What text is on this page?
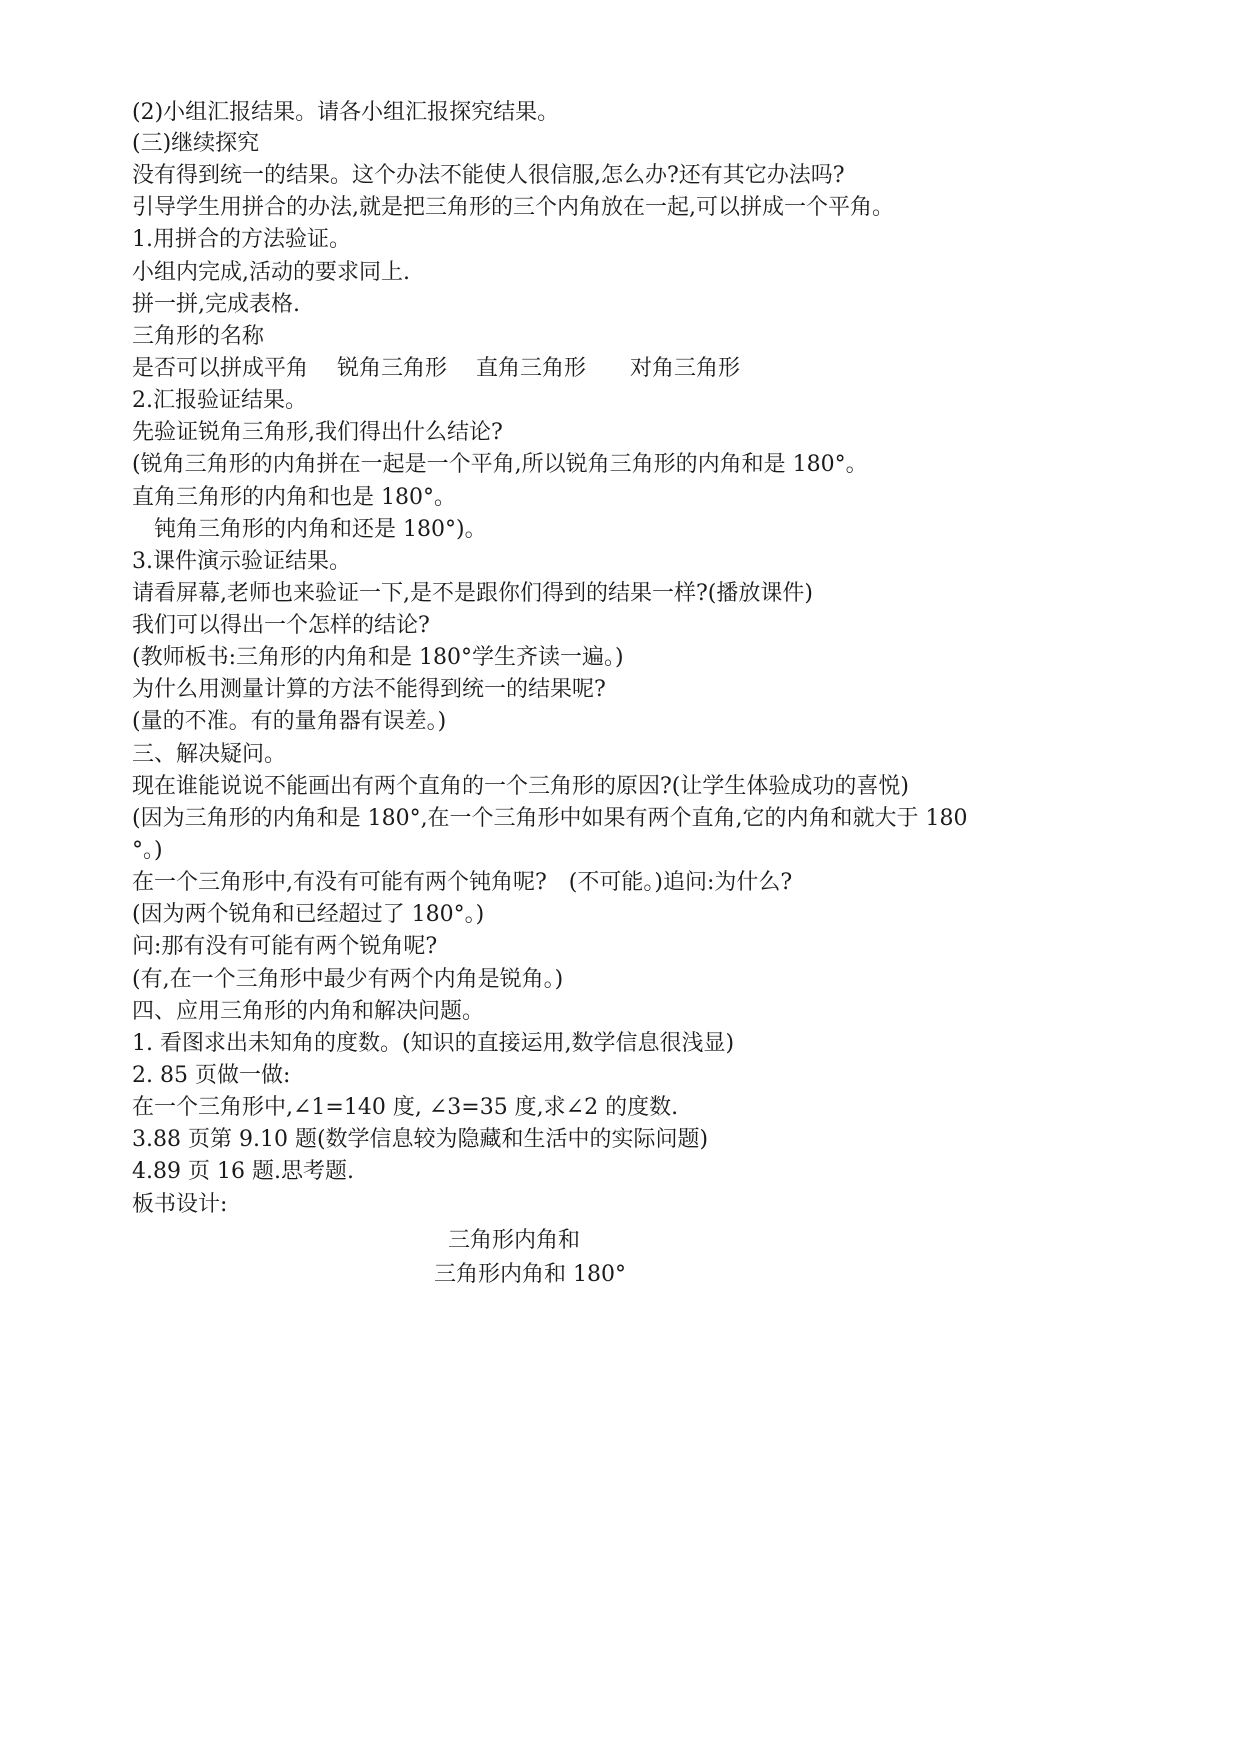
(2)小组汇报结果。请各小组汇报探究结果。
(三)继续探究
没有得到统一的结果。这个办法不能使人很信服,怎么办?还有其它办法吗?
引导学生用拼合的办法,就是把三角形的三个内角放在一起,可以拼成一个平角。
1.用拼合的方法验证。
小组内完成,活动的要求同上.
拼一拼,完成表格.
三角形的名称
是否可以拼成平角　 锐角三角形　 直角三角形　　对角三角形
2.汇报验证结果。
先验证锐角三角形,我们得出什么结论?
(锐角三角形的内角拼在一起是一个平角,所以锐角三角形的内角和是 180°。
直角三角形的内角和也是 180°。
　钝角三角形的内角和还是 180°)。
3.课件演示验证结果。
请看屏幕,老师也来验证一下,是不是跟你们得到的结果一样?(播放课件)
我们可以得出一个怎样的结论?
(教师板书:三角形的内角和是 180°学生齐读一遍。)
为什么用测量计算的方法不能得到统一的结果呢?
(量的不准。有的量角器有误差。)
三、解决疑问。
现在谁能说说不能画出有两个直角的一个三角形的原因?(让学生体验成功的喜悦)
(因为三角形的内角和是 180°,在一个三角形中如果有两个直角,它的内角和就大于 180
°。)
在一个三角形中,有没有可能有两个钝角呢?　(不可能。)追问:为什么?
(因为两个锐角和已经超过了 180°。)
问:那有没有可能有两个锐角呢?
(有,在一个三角形中最少有两个内角是锐角。)
四、应用三角形的内角和解决问题。
1. 看图求出未知角的度数。(知识的直接运用,数学信息很浅显)
2. 85 页做一做:
在一个三角形中,∠1=140 度, ∠3=35 度,求∠2 的度数.
3.88 页第 9.10 题(数学信息较为隐藏和生活中的实际问题)
4.89 页 16 题.思考题.
板书设计:
三角形内角和
三角形内角和 180°
